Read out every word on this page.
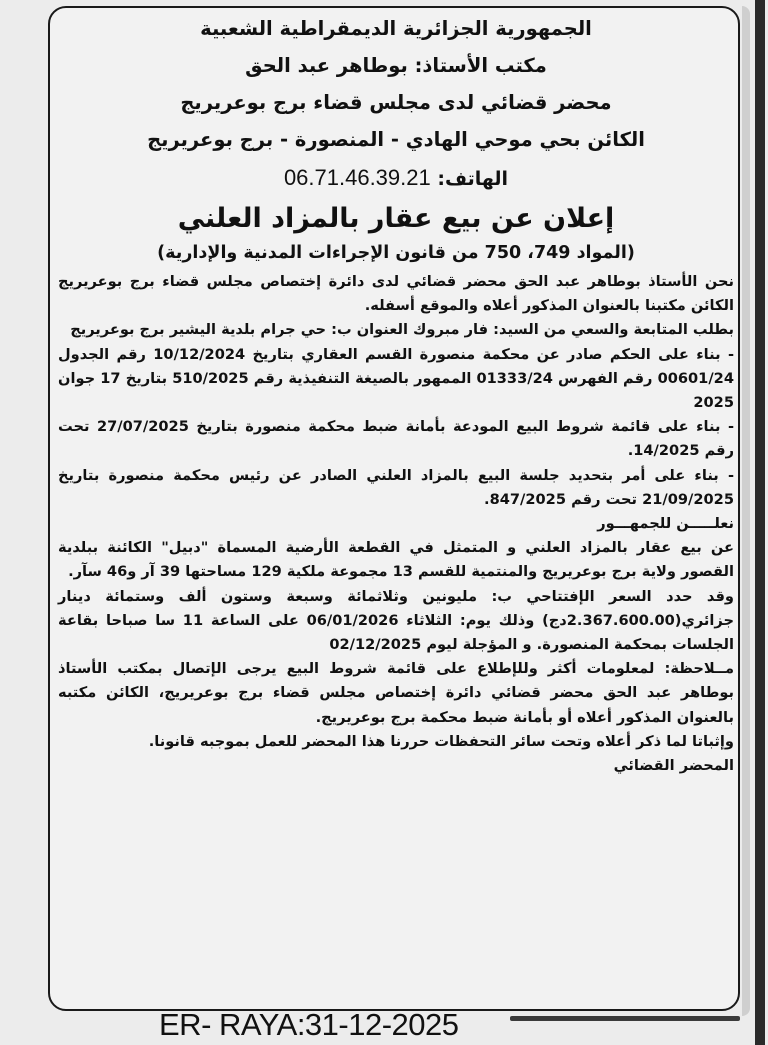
الجمهورية الجزائرية الديمقراطية الشعبية
مكتب الأستاذ: بوطاهر عبد الحق
محضر قضائي لدى مجلس قضاء برج بوعريريج
الكائن بحي موحي الهادي - المنصورة - برج بوعريريج
الهاتف: 06.71.46.39.21
إعلان عن بيع عقار بالمزاد العلني
(المواد 749، 750 من قانون الإجراءات المدنية والإدارية)
نحن الأستاذ بوطاهر عبد الحق محضر قضائي لدى دائرة إختصاص مجلس قضاء برج بوعريريج الكائن مكتبنا بالعنوان المذكور أعلاه والموقع أسفله.
بطلب المتابعة والسعي من السيد: فار مبروك العنوان ب: حي جرام بلدية اليشير برج بوعريريج
- بناء على الحكم صادر عن محكمة منصورة القسم العقاري بتاريخ 10/12/2024 رقم الجدول 00601/24 رقم الفهرس 01333/24 الممهور بالصيغة التنفيذية رقم 510/2025 بتاريخ 17 جوان 2025
- بناء على قائمة شروط البيع المودعة بأمانة ضبط محكمة منصورة بتاريخ 27/07/2025 تحت رقم 14/2025.
- بناء على أمر بتحديد جلسة البيع بالمزاد العلني الصادر عن رئيس محكمة منصورة بتاريخ 21/09/2025 تحت رقم 847/2025.
نعلـــــن للجمهـــور
عن بيع عقار بالمزاد العلني و المتمثل في القطعة الأرضية المسماة "دبيل" الكائنة ببلدية القصور ولاية برج بوعريريج والمنتمية للقسم 13 مجموعة ملكية 129 مساحتها 39 آر و46 سآر.
وقد حدد السعر الإفتتاحي ب: مليونين وثلاثمائة وسبعة وستون ألف وستمائة دينار جزائري(2.367.600.00دج) وذلك يوم: الثلاثاء 06/01/2026 على الساعة 11 سا صباحا بقاعة الجلسات بمحكمة المنصورة. و المؤجلة ليوم 02/12/2025
مــلاحظة: لمعلومات أكثر وللإطلاع على قائمة شروط البيع يرجى الإتصال بمكتب الأستاذ بوطاهر عبد الحق محضر قضائي دائرة إختصاص مجلس قضاء برج بوعريريج، الكائن مكتبه بالعنوان المذكور أعلاه أو بأمانة ضبط محكمة برج بوعريريج.
وإثباتا لما ذكر أعلاه وتحت سائر التحفظات حررنا هذا المحضر للعمل بموجبه قانونا.
المحضر القضائي
ER- RAYA:31-12-2025
